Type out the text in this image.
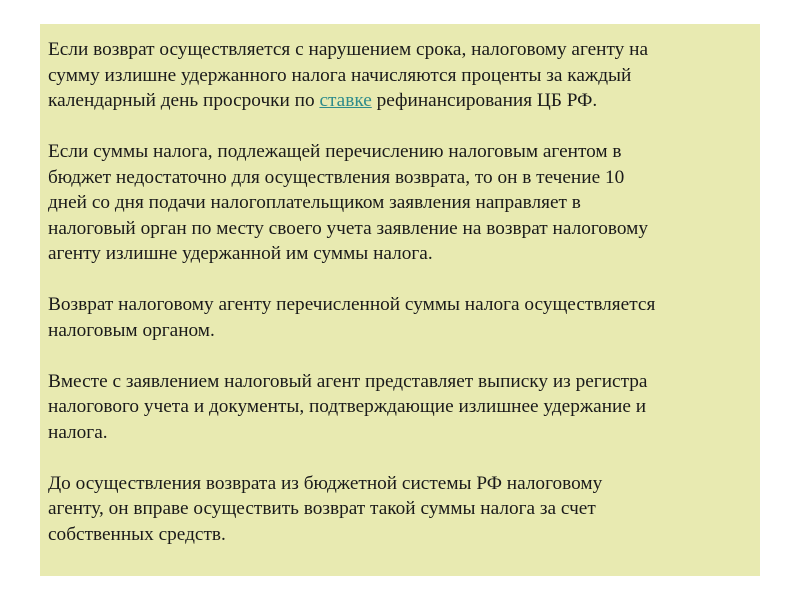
Если возврат осуществляется с нарушением срока, налоговому агенту на
сумму излишне удержанного налога начисляются проценты за каждый
календарный день просрочки по ставке рефинансирования ЦБ РФ.

Если суммы налога, подлежащей перечислению налоговым агентом в
бюджет недостаточно для осуществления возврата, то он в течение 10
дней со дня подачи налогоплательщиком заявления направляет в
налоговый орган по месту своего учета заявление на возврат налоговому
агенту излишне удержанной им суммы налога.

Возврат налоговому агенту перечисленной суммы налога осуществляется
налоговым органом.

Вместе с заявлением налоговый агент представляет выписку из регистра
налогового учета и документы, подтверждающие излишнее удержание и
налога.

До осуществления возврата из бюджетной системы РФ налоговому
агенту, он вправе осуществить возврат такой суммы налога за счет
собственных средств.
